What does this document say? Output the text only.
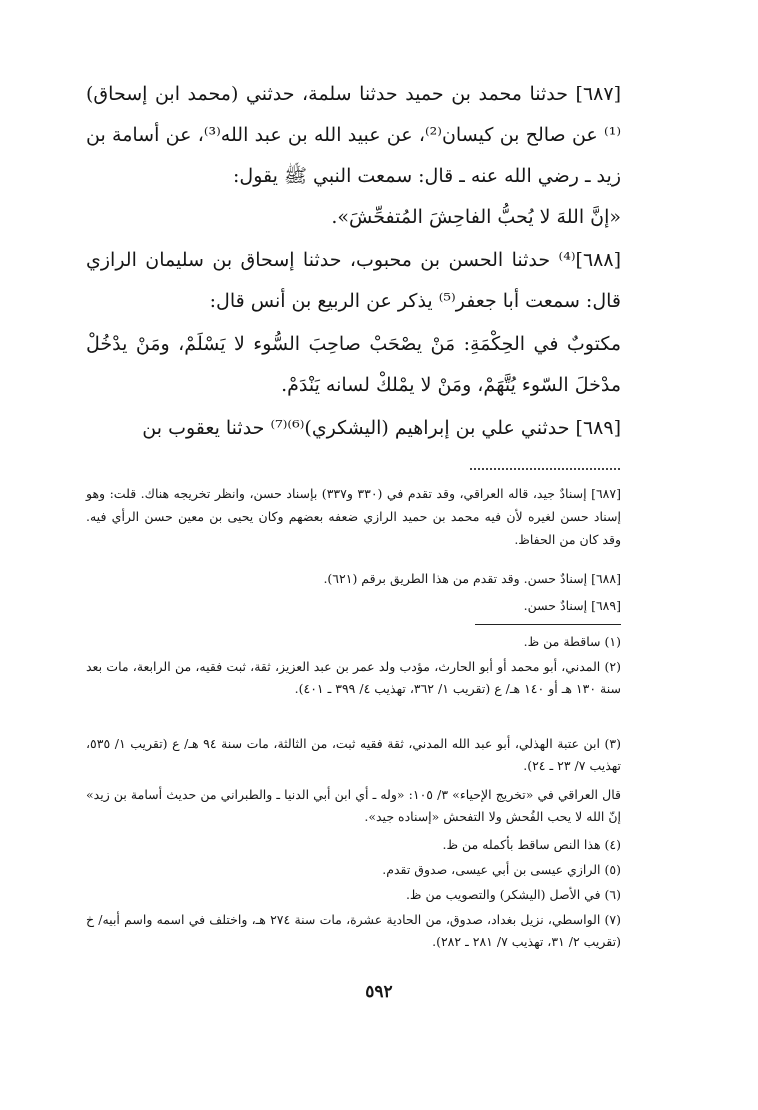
[٦٨٧] حدثنا محمد بن حميد حدثنا سلمة، حدثني (محمد ابن إسحاق)⁽¹⁾ عن صالح بن كيسان⁽²⁾، عن عبيد الله بن عبد الله⁽³⁾، عن أسامة بن زيد ـ رضي الله عنه ـ قال: سمعت النبي ﷺ يقول:

«إنَّ اللهَ لا يُحبُّ الفاحِشَ المُتفحِّشَ».

[٦٨٨]⁽⁴⁾ حدثنا الحسن بن محبوب، حدثنا إسحاق بن سليمان الرازي قال: سمعت أبا جعفر⁽⁵⁾ يذكر عن الربيع بن أنس قال:

مكتوبٌ في الحِكْمَةِ: مَنْ يصْحَبْ صاحِبَ السُّوء لا يَسْلَمْ، ومَنْ يدْخُلْ مدْخلَ السّوء يُتَّهَمْ، ومَنْ لا يمْلكْ لسانه يَنْدَمْ.

[٦٨٩] حدثني علي بن إبراهيم (اليشكري)⁽⁶⁾⁽⁷⁾ حدثنا يعقوب بن

[٦٨٧] إسنادٌ جيد، قاله العراقي، وقد تقدم في (٣٣٠ و٣٣٧) بإسناد حسن، وانظر تخريجه هناك. قلت: وهو إسناد حسن لغيره لأن فيه محمد بن حميد الرازي ضعفه بعضهم وكان يحيى بن معين حسن الرأي فيه. وقد كان من الحفاظ.

[٦٨٨] إسنادٌ حسن. وقد تقدم من هذا الطريق برقم (٦٢١).

[٦٨٩] إسنادٌ حسن.

(١) ساقطة من ظ.

(٢) المدني، أبو محمد أو أبو الحارث، مؤدب ولد عمر بن عبد العزيز، ثقة، ثبت فقيه، من الرابعة، مات بعد سنة ١٣٠ هـ أو ١٤٠ هـ/ ع (تقريب ١/ ٣٦٢، تهذيب ٤/ ٣٩٩ ـ ٤٠١).

(٣) ابن عتبة الهذلي، أبو عبد الله المدني، ثقة فقيه ثبت، من الثالثة، مات سنة ٩٤ هـ/ ع (تقريب ١/ ٥٣٥، تهذيب ٧/ ٢٣ ـ ٢٤).

قال العراقي في «تخريج الإحياء» ٣/ ١٠٥: «وله ـ أي ابن أبي الدنيا ـ والطبراني من حديث أسامة بن زيد» إنّ الله لا يحب الفُحش ولا التفحش «إسناده جيد».

(٤) هذا النص ساقط بأكمله من ظ.

(٥) الرازي عيسى بن أبي عيسى، صدوق تقدم.

(٦) في الأصل (اليشكر) والتصويب من ظ.

(٧) الواسطي، نزيل بغداد، صدوق، من الحادية عشرة، مات سنة ٢٧٤ هـ، واختلف في اسمه واسم أبيه/ خ (تقريب ٢/ ٣١، تهذيب ٧/ ٢٨١ ـ ٢٨٢).

٥٩٢
